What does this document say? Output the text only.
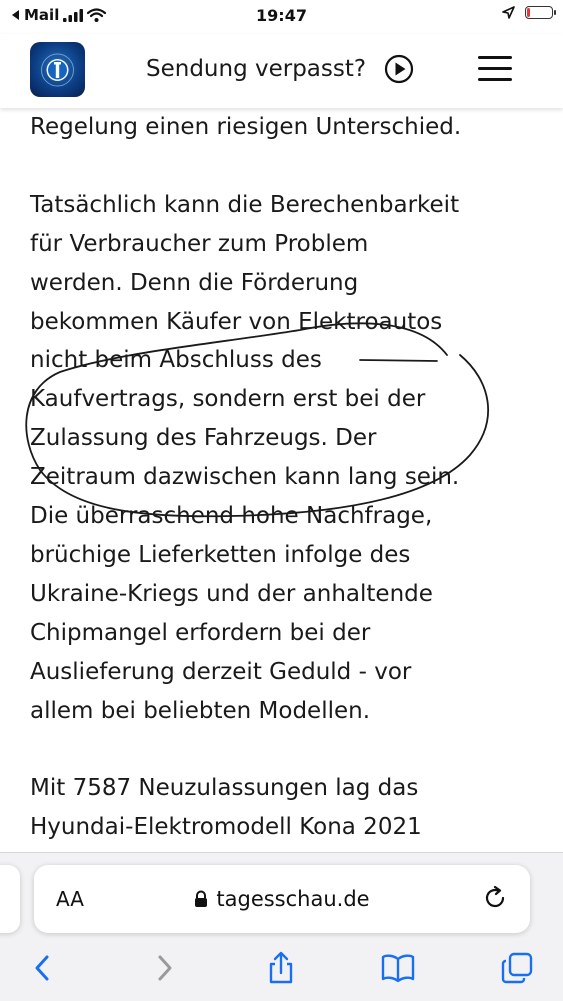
Mail	19:47
Sendung verpasst?
Regelung einen riesigen Unterschied.
Tatsächlich kann die Berechenbarkeit
für Verbraucher zum Problem
werden. Denn die Förderung
bekommen Käufer von Elektroautos
nicht beim Abschluss des
Kaufvertrags, sondern erst bei der
Zulassung des Fahrzeugs. Der
Zeitraum dazwischen kann lang sein.
Die überraschend hohe Nachfrage,
brüchige Lieferketten infolge des
Ukraine-Kriegs und der anhaltende
Chipmangel erfordern bei der
Auslieferung derzeit Geduld - vor
allem bei beliebten Modellen.
Mit 7587 Neuzulassungen lag das
Hyundai-Elektromodell Kona 2021
AA	tagesschau.de
